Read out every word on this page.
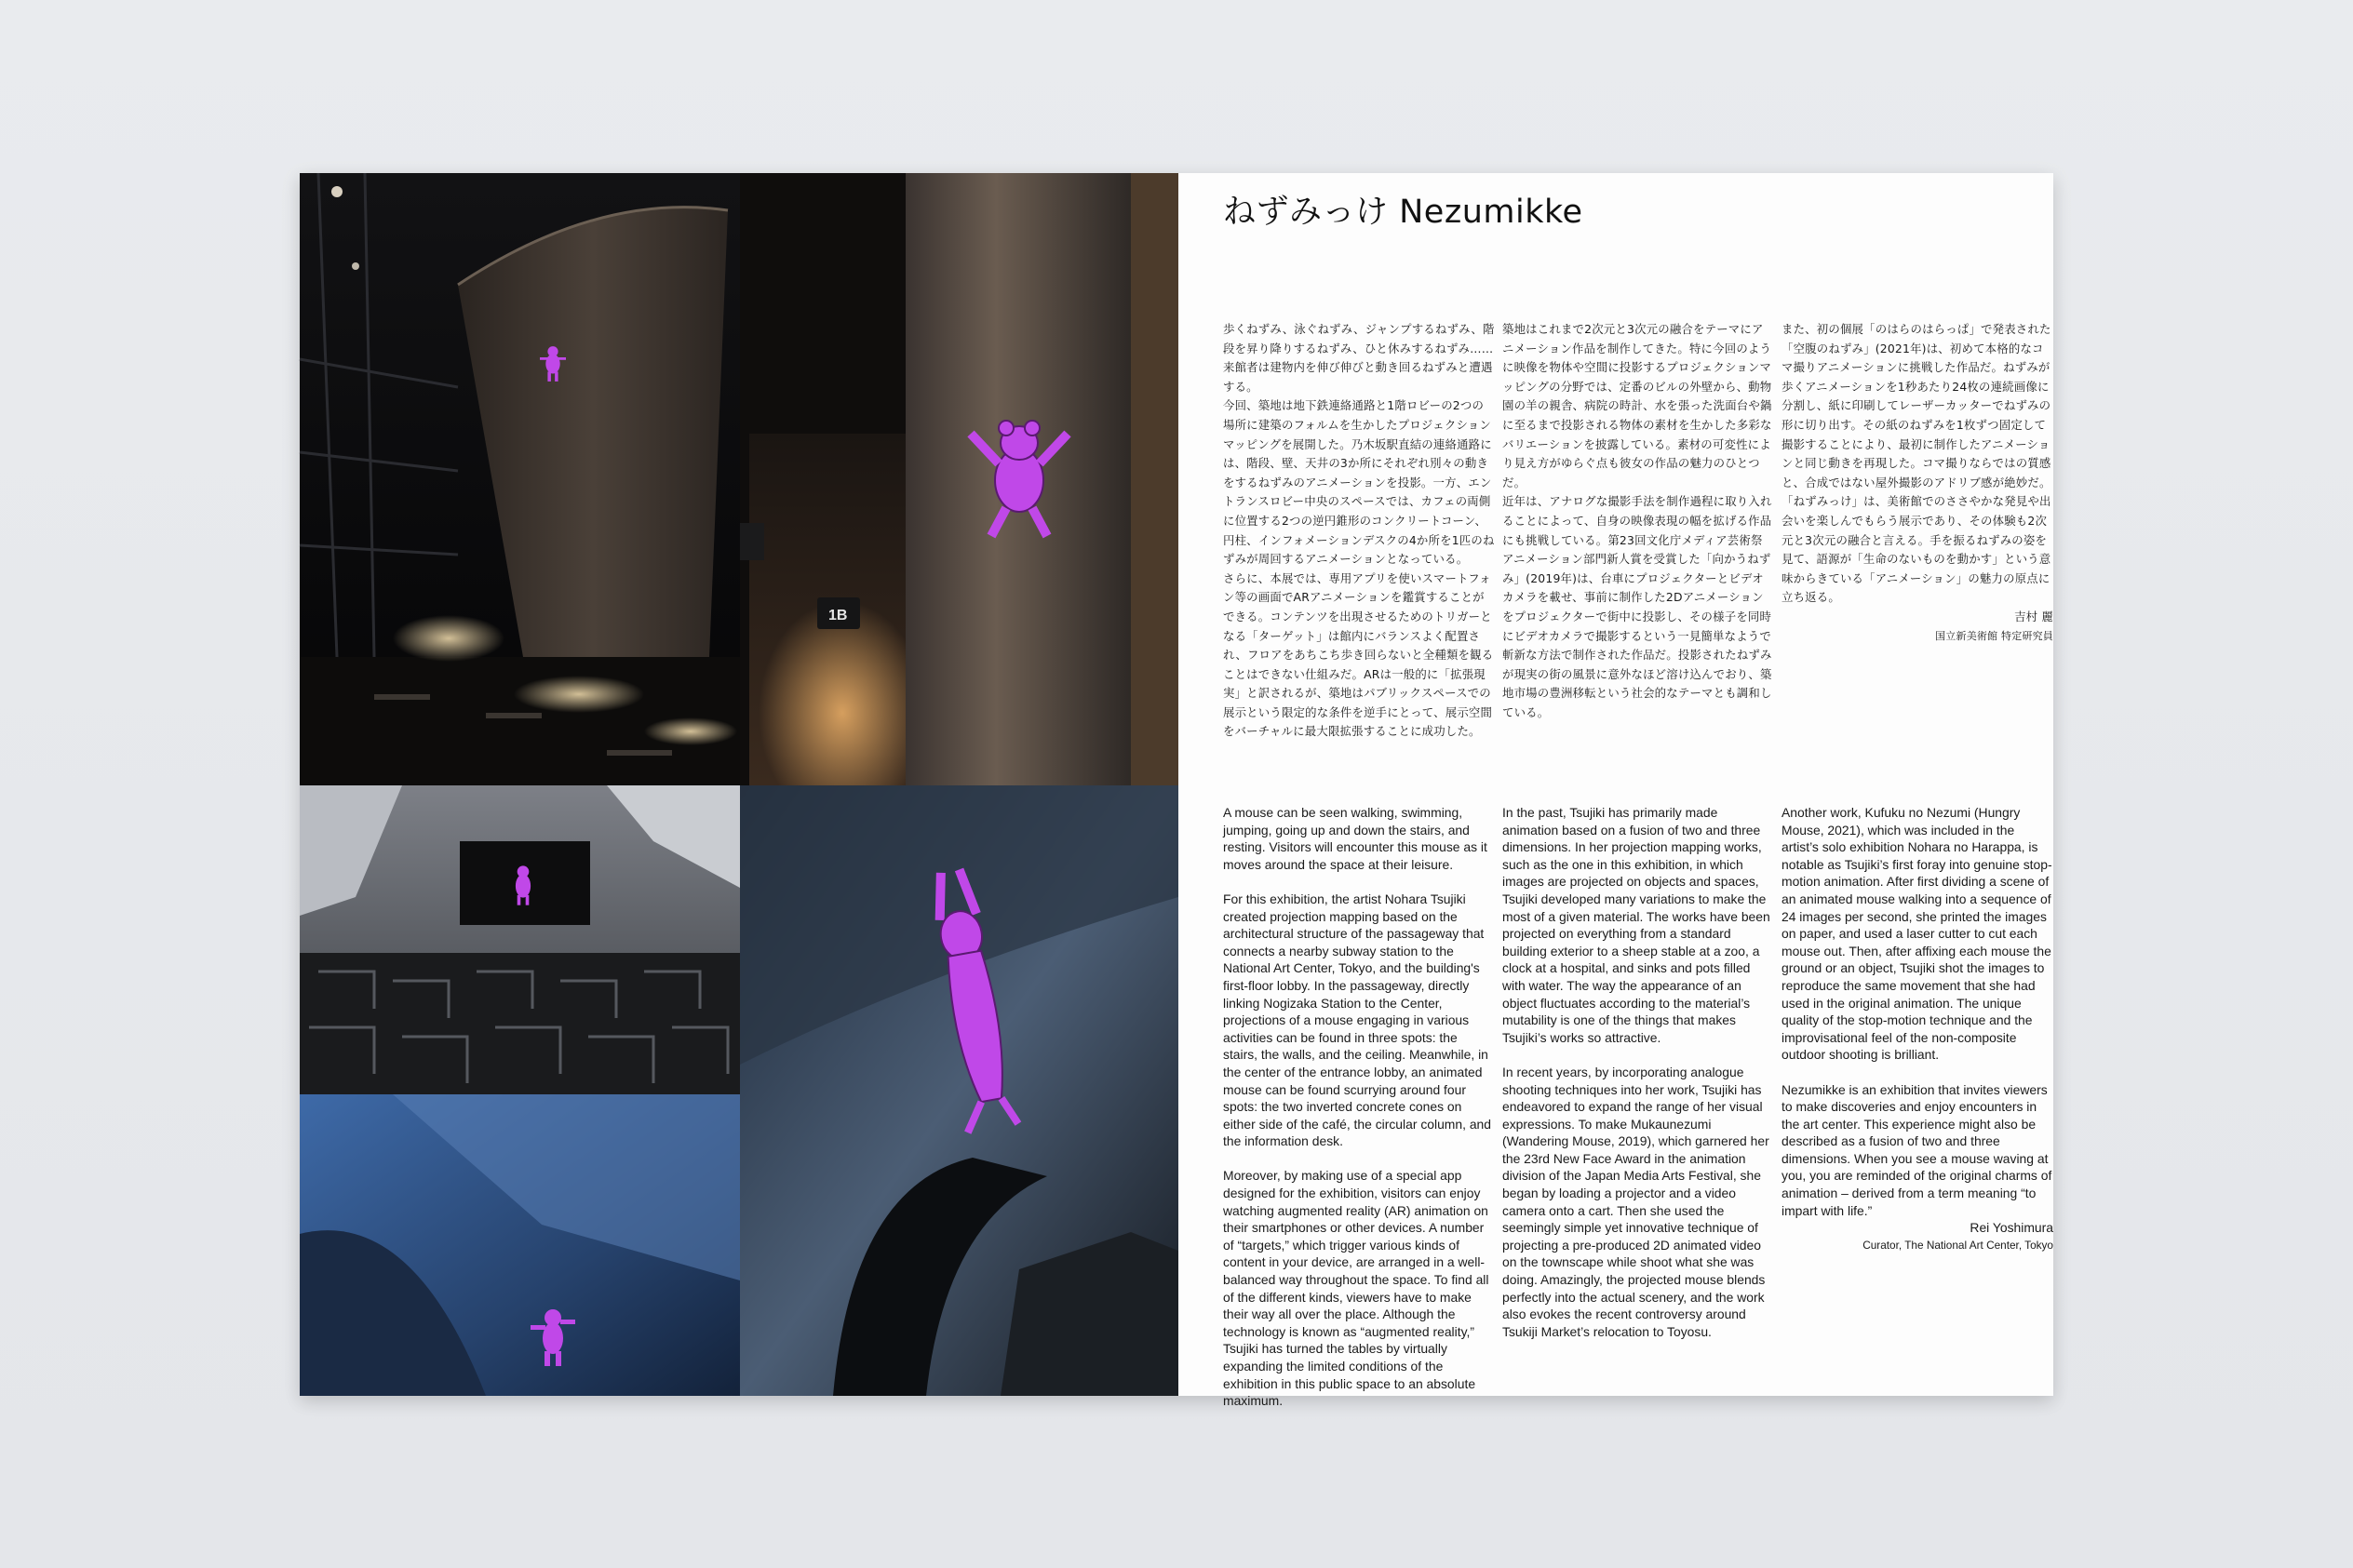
1B
ねずみっけ Nezumikke

歩くねずみ、泳ぐねずみ、ジャンプするねずみ、階段を昇り降りするねずみ、ひと休みするねずみ……来館者は建物内を伸び伸びと動き回るねずみと遭遇する。

今回、築地は地下鉄連絡通路と1階ロビーの2つの場所に建築のフォルムを生かしたプロジェクションマッピングを展開した。乃木坂駅直結の連絡通路には、階段、壁、天井の3か所にそれぞれ別々の動きをするねずみのアニメーションを投影。一方、エントランスロビー中央のスペースでは、カフェの両側に位置する2つの逆円錐形のコンクリートコーン、円柱、インフォメーションデスクの4か所を1匹のねずみが周回するアニメーションとなっている。

さらに、本展では、専用アプリを使いスマートフォン等の画面でARアニメーションを鑑賞することができる。コンテンツを出現させるためのトリガーとなる「ターゲット」は館内にバランスよく配置され、フロアをあちこち歩き回らないと全種類を観ることはできない仕組みだ。ARは一般的に「拡張現実」と訳されるが、築地はパブリックスペースでの展示という限定的な条件を逆手にとって、展示空間をバーチャルに最大限拡張することに成功した。

築地はこれまで2次元と3次元の融合をテーマにアニメーション作品を制作してきた。特に今回のように映像を物体や空間に投影するプロジェクションマッピングの分野では、定番のビルの外壁から、動物園の羊の親舎、病院の時計、水を張った洗面台や鍋に至るまで投影される物体の素材を生かした多彩なバリエーションを披露している。素材の可変性により見え方がゆらぐ点も彼女の作品の魅力のひとつだ。

近年は、アナログな撮影手法を制作過程に取り入れることによって、自身の映像表現の幅を拡げる作品にも挑戦している。第23回文化庁メディア芸術祭アニメーション部門新人賞を受賞した「向かうねずみ」(2019年)は、台車にプロジェクターとビデオカメラを載せ、事前に制作した2Dアニメーションをプロジェクターで街中に投影し、その様子を同時にビデオカメラで撮影するという一見簡単なようで斬新な方法で制作された作品だ。投影されたねずみが現実の街の風景に意外なほど溶け込んでおり、築地市場の豊洲移転という社会的なテーマとも調和している。

また、初の個展「のはらのはらっぱ」で発表された「空腹のねずみ」(2021年)は、初めて本格的なコマ撮りアニメーションに挑戦した作品だ。ねずみが歩くアニメーションを1秒あたり24枚の連続画像に分割し、紙に印刷してレーザーカッターでねずみの形に切り出す。その紙のねずみを1枚ずつ固定して撮影することにより、最初に制作したアニメーションと同じ動きを再現した。コマ撮りならではの質感と、合成ではない屋外撮影のアドリブ感が絶妙だ。

「ねずみっけ」は、美術館でのささやかな発見や出会いを楽しんでもらう展示であり、その体験も2次元と3次元の融合と言える。手を振るねずみの姿を見て、語源が「生命のないものを動かす」という意味からきている「アニメーション」の魅力の原点に立ち返る。

吉村 麗

国立新美術館 特定研究員

A mouse can be seen walking, swimming, jumping, going up and down the stairs, and resting. Visitors will encounter this mouse as it moves around the space at their leisure.

For this exhibition, the artist Nohara Tsujiki created projection mapping based on the architectural structure of the passageway that connects a nearby subway station to the National Art Center, Tokyo, and the building's first-floor lobby. In the passageway, directly linking Nogizaka Station to the Center, projections of a mouse engaging in various activities can be found in three spots: the stairs, the walls, and the ceiling. Meanwhile, in the center of the entrance lobby, an animated mouse can be found scurrying around four spots: the two inverted concrete cones on either side of the café, the circular column, and the information desk.

Moreover, by making use of a special app designed for the exhibition, visitors can enjoy watching augmented reality (AR) animation on their smartphones or other devices. A number of “targets,” which trigger various kinds of content in your device, are arranged in a well-balanced way throughout the space. To find all of the different kinds, viewers have to make their way all over the place. Although the technology is known as “augmented reality,” Tsujiki has turned the tables by virtually expanding the limited conditions of the exhibition in this public space to an absolute maximum.

In the past, Tsujiki has primarily made animation based on a fusion of two and three dimensions. In her projection mapping works, such as the one in this exhibition, in which images are projected on objects and spaces, Tsujiki developed many variations to make the most of a given material. The works have been projected on everything from a standard building exterior to a sheep stable at a zoo, a clock at a hospital, and sinks and pots filled with water. The way the appearance of an object fluctuates according to the material’s mutability is one of the things that makes Tsujiki’s works so attractive.

In recent years, by incorporating analogue shooting techniques into her work, Tsujiki has endeavored to expand the range of her visual expressions. To make Mukaunezumi (Wandering Mouse, 2019), which garnered her the 23rd New Face Award in the animation division of the Japan Media Arts Festival, she began by loading a projector and a video camera onto a cart. Then she used the seemingly simple yet innovative technique of projecting a pre-produced 2D animated video on the townscape while shoot what she was doing. Amazingly, the projected mouse blends perfectly into the actual scenery, and the work also evokes the recent controversy around Tsukiji Market’s relocation to Toyosu.

Another work, Kufuku no Nezumi (Hungry Mouse, 2021), which was included in the artist’s solo exhibition Nohara no Harappa, is notable as Tsujiki’s first foray into genuine stop-motion animation. After first dividing a scene of an animated mouse walking into a sequence of 24 images per second, she printed the images on paper, and used a laser cutter to cut each mouse out. Then, after affixing each mouse the ground or an object, Tsujiki shot the images to reproduce the same movement that she had used in the original animation. The unique quality of the stop-motion technique and the improvisational feel of the non-composite outdoor shooting is brilliant.

Nezumikke is an exhibition that invites viewers to make discoveries and enjoy encounters in the art center. This experience might also be described as a fusion of two and three dimensions. When you see a mouse waving at you, you are reminded of the original charms of animation – derived from a term meaning “to impart with life.”

Rei Yoshimura

Curator, The National Art Center, Tokyo
